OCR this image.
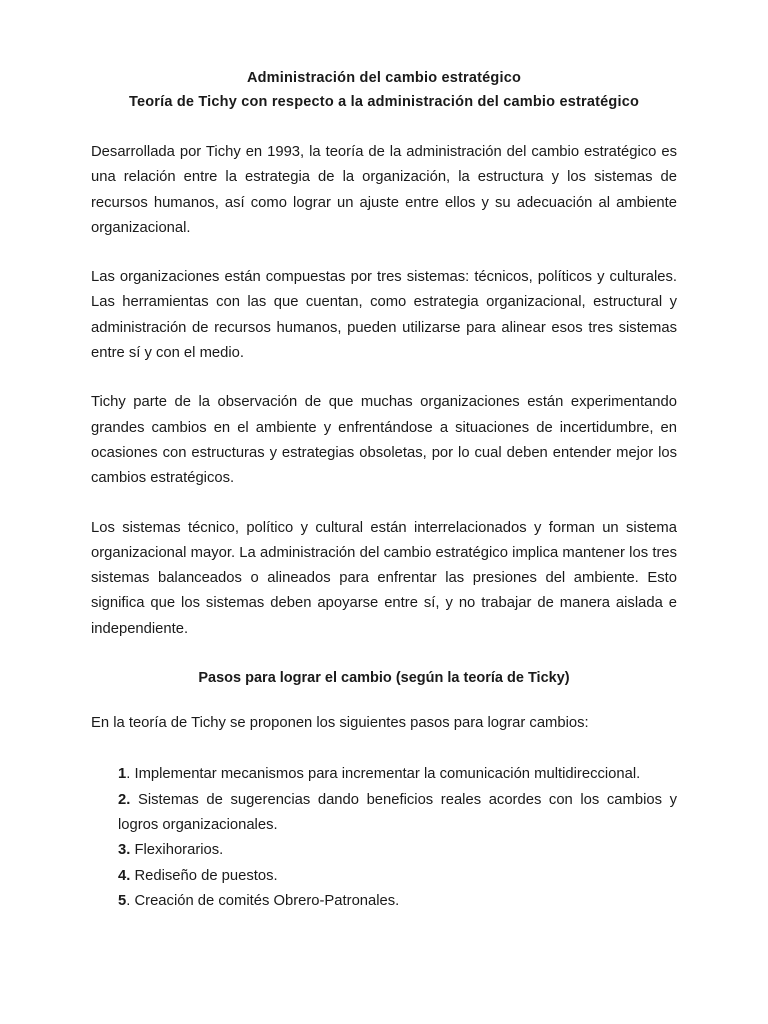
Administración del cambio estratégico
Teoría de Tichy con respecto a la administración del cambio estratégico

Desarrollada por Tichy en 1993, la teoría de la administración del cambio estratégico es una relación entre la estrategia de la organización, la estructura y los sistemas de recursos humanos, así como lograr un ajuste entre ellos y su adecuación al ambiente organizacional.

Las organizaciones están compuestas por tres sistemas: técnicos, políticos y culturales. Las herramientas con las que cuentan, como estrategia organizacional, estructural y administración de recursos humanos, pueden utilizarse para alinear esos tres sistemas entre sí y con el medio.

Tichy parte de la observación de que muchas organizaciones están experimentando grandes cambios en el ambiente y enfrentándose a situaciones de incertidumbre, en ocasiones con estructuras y estrategias obsoletas, por lo cual deben entender mejor los cambios estratégicos.

Los sistemas técnico, político y cultural están interrelacionados y forman un sistema organizacional mayor. La administración del cambio estratégico implica mantener los tres sistemas balanceados o alineados para enfrentar las presiones del ambiente. Esto significa que los sistemas deben apoyarse entre sí, y no trabajar de manera aislada e independiente.

Pasos para lograr el cambio (según la teoría de Ticky)

En la teoría de Tichy se proponen los siguientes pasos para lograr cambios:

1. Implementar mecanismos para incrementar la comunicación multidireccional.
2. Sistemas de sugerencias dando beneficios reales acordes con los cambios y logros organizacionales.
3. Flexihorarios.
4. Rediseño de puestos.
5. Creación de comités Obrero-Patronales.
